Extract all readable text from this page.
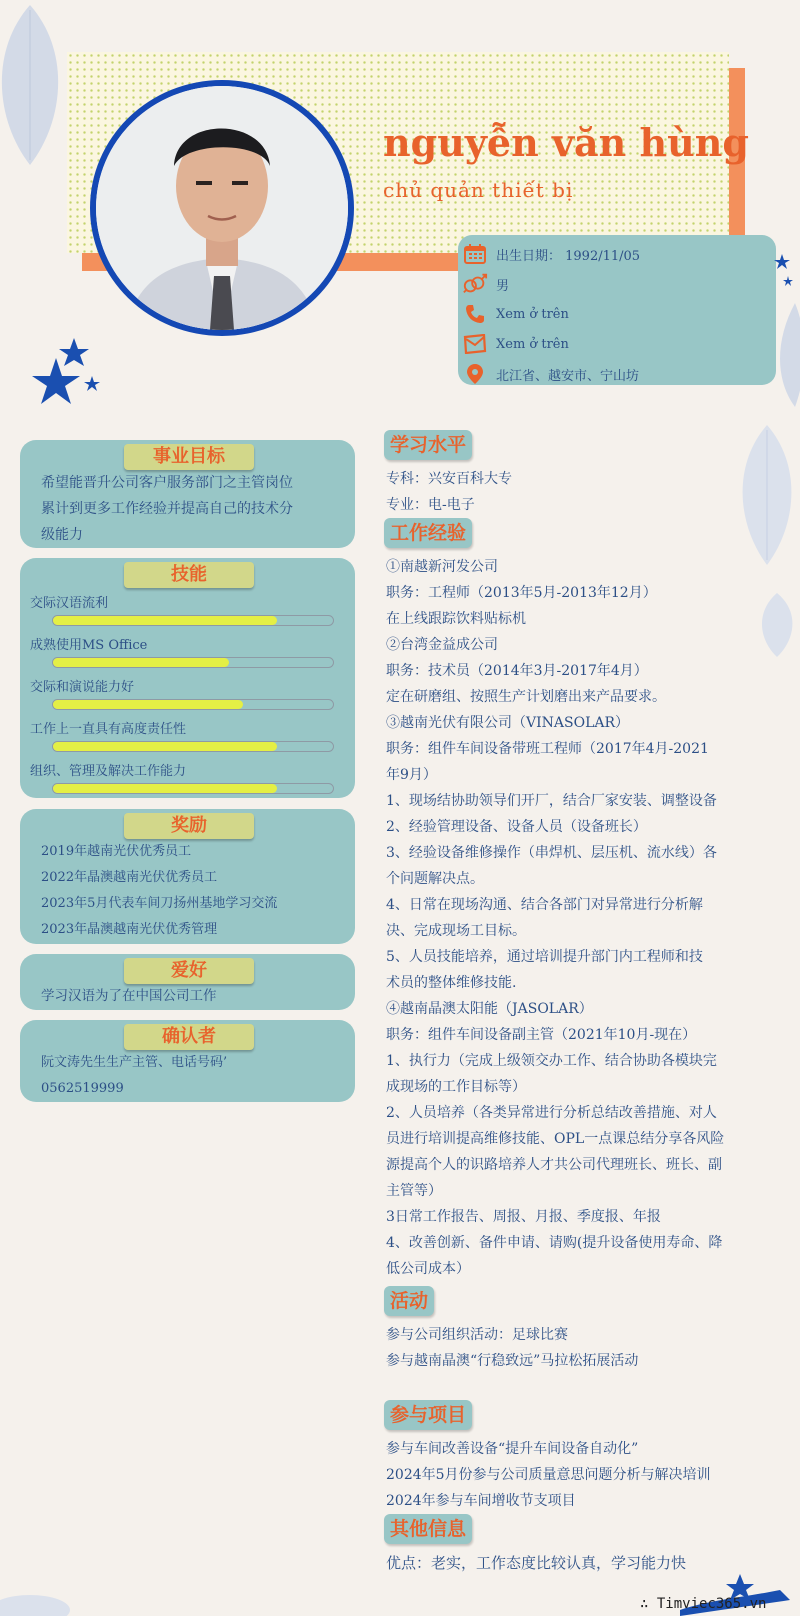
nguyễn văn hùng
chủ quản thiết bị
出生日期： 1992/11/05
男
Xem ở trên
Xem ở trên
北江省、越安市、宁山坊
事业目标
希望能晋升公司客户服务部门之主管岗位
累计到更多工作经验并提高自己的技术分
级能力
技能
交际汉语流利
成熟使用MS Office
交际和演说能力好
工作上一直具有高度责任性
组织、管理及解决工作能力
奖励
2019年越南光伏优秀员工
2022年晶澳越南光伏优秀员工
2023年5月代表车间刀扬州基地学习交流
2023年晶澳越南光伏优秀管理
爱好
学习汉语为了在中国公司工作
确认者
阮文涛先生生产主管、电话号码’
0562519999
学习水平
专科：兴安百科大专
专业：电-电子
工作经验
①南越新河发公司
职务：工程师（2013年5月-2013年12月）
在上线跟踪饮料贴标机
②台湾金益成公司
职务：技术员（2014年3月-2017年4月）
定在研磨组、按照生产计划磨出来产品要求。
③越南光伏有限公司（VINASOLAR）
职务：组件车间设备带班工程师（2017年4月-2021
年9月）
1、现场结协助领导们开厂，结合厂家安装、调整设备
2、经验管理设备、设备人员（设备班长）
3、经验设备维修操作（串焊机、层压机、流水线）各
个问题解决点。
4、日常在现场沟通、结合各部门对异常进行分析解
决、完成现场工目标。
5、人员技能培养，通过培训提升部门内工程师和技
术员的整体维修技能.
④越南晶澳太阳能（JASOLAR）
职务：组件车间设备副主管（2021年10月-现在）
1、执行力（完成上级领交办工作、结合协助各模块完
成现场的工作目标等）
2、人员培养（各类异常进行分析总结改善措施、对人
员进行培训提高维修技能、OPL一点课总结分享各风险
源提高个人的识路培养人才共公司代理班长、班长、副
主管等）
3日常工作报告、周报、月报、季度报、年报
4、改善创新、备件申请、请购(提升设备使用寿命、降
低公司成本）
活动
参与公司组织活动：足球比赛
参与越南晶澳“行稳致远”马拉松拓展活动
参与项目
参与车间改善设备“提升车间设备自动化”
2024年5月份参与公司质量意思问题分析与解决培训
2024年参与车间增收节支项目
其他信息
优点：老实，工作态度比较认真，学习能力快
∴ Timviec365.vn
